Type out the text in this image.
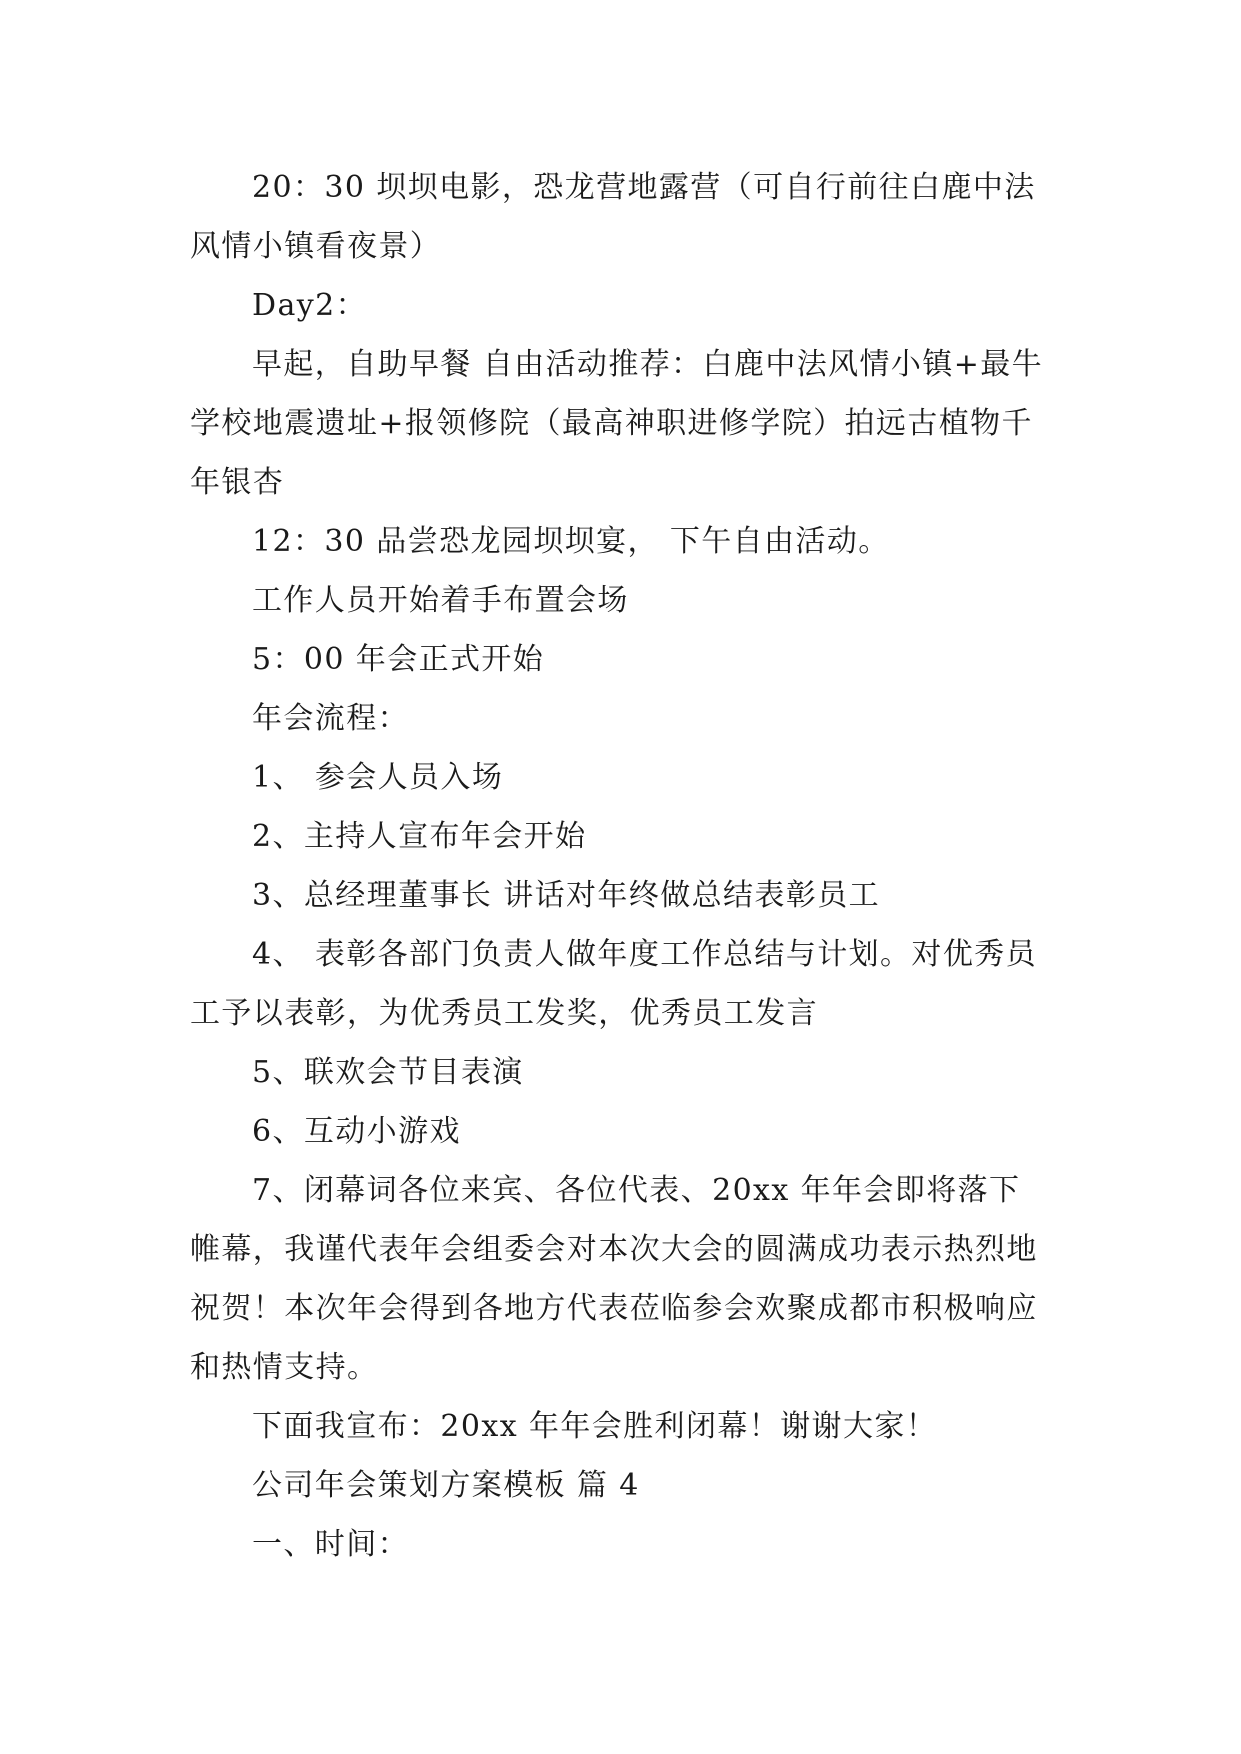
20：30 坝坝电影，恐龙营地露营（可自行前往白鹿中法风情小镇看夜景）

Day2：

早起，自助早餐 自由活动推荐：白鹿中法风情小镇+最牛学校地震遗址+报领修院（最高神职进修学院）拍远古植物千年银杏

12：30 品尝恐龙园坝坝宴， 下午自由活动。

工作人员开始着手布置会场

5：00 年会正式开始

年会流程：

1、 参会人员入场

2、主持人宣布年会开始

3、总经理董事长 讲话对年终做总结表彰员工

4、 表彰各部门负责人做年度工作总结与计划。对优秀员工予以表彰，为优秀员工发奖，优秀员工发言

5、联欢会节目表演

6、互动小游戏

7、闭幕词各位来宾、各位代表、20xx 年年会即将落下帷幕，我谨代表年会组委会对本次大会的圆满成功表示热烈地祝贺！本次年会得到各地方代表莅临参会欢聚成都市积极响应和热情支持。

下面我宣布：20xx 年年会胜利闭幕！谢谢大家！

公司年会策划方案模板 篇 4

一、时间：
